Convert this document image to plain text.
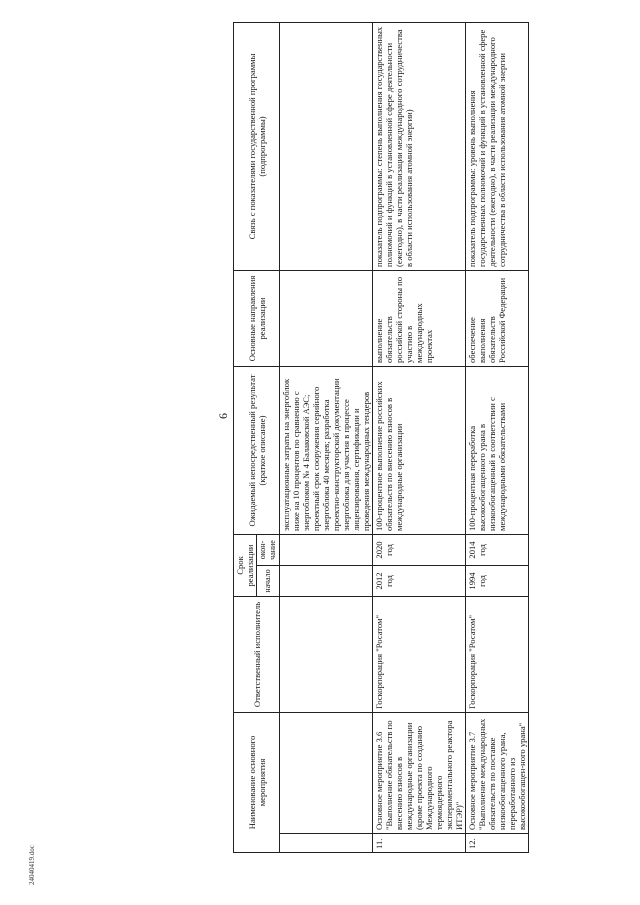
6
24040419.doc
Наименование основного мероприятия		Ответственный исполнитель	Срок реализации		Ожидаемый непосредственный результат (краткое описание)	Основные направления реализации	Связь с показателями государственной программы (подпрограммы)
			начало	окон-чание			
					эксплуатационные затраты на энергоблок ниже на 10 процентов по сравнению с энергоблоком № 4 Балаковской АЭС; проектный срок сооружения серийного энергоблока 40 месяцев; разработка проектно-конструкторской документации энергоблока для участия в процессе лицензирования, сертификации и проведения международных тендеров		
11.	Основное мероприятие 3.6 "Выполнение обязательств по внесению взносов в международные организации (кроме проекта по созданию Международного термоядерного экспериментального реактора ИТЭР)"	Госкорпорация "Росатом"	2012 год	2020 год	100-процентное выполнение российских обязательств по внесению взносов в международные организации	выполнение обязательств российской стороны по участию в международных проектах	показатель подпрограммы: степень выполнения государственных полномочий и функций в установленной сфере деятельности (ежегодно), в части реализации международного сотрудничества в области использования атомной энергии)
12.	Основное мероприятие 3.7 "Выполнение международных обязательств по поставке низкообогащенного урана, переработанного из высокообогащен-ного урана"	Госкорпорация "Росатом"	1994 год	2014 год	100-процентная переработка высокообогащенного урана в низкообогащенный в соответствии с международными обязательствами	обеспечение выполнения обязательств Российской Федерации	показатель подпрограммы: уровень выполнения государственных полномочий и функций в установленной сфере деятельности (ежегодно), в части реализации международного сотрудничества в области использования атомной энергии
